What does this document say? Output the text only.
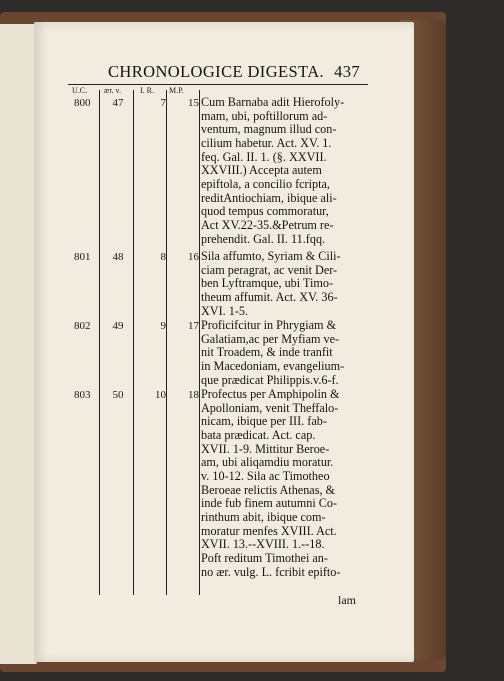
CHRONOLOGICE DIGESTA. 437
U.C. ær. v. I. R. M.P.
800	47	7	15 Cum Barnaba adit Hierofoly-
mam, ubi, poftillorum ad-
ventum, magnum illud con-
cilium habetur. Act. XV. 1.
feq. Gal. II. 1. (§. XXVII.
XXVIII.) Accepta autem
epiftola, a concilio fcripta,
reditAntiochiam, ibique ali-
quod tempus commoratur,
Act XV.22-35.&Petrum re-
prehendit. Gal. II. 11.fqq.
801	48	8	16 Sila affumto, Syriam & Cili-
ciam peragrat, ac venit Der-
ben Lyftramque, ubi Timo-
theum affumit. Act. XV. 36-
XVI. 1-5.
802	49	9	17 Proficifcitur in Phrygiam &
Galatiam,ac per Myfiam ve-
nit Troadem, & inde tranfit
in Macedoniam, evangelium-
que prædicat Philippis.v.6-f.
803	50	10	18 Profectus per Amphipolin &
Apolloniam, venit Theffalo-
nicam, ibique per III. fab-
bata prædicat. Act. cap.
XVII. 1-9. Mittitur Beroe-
am, ubi aliqamdiu moratur.
v. 10-12. Sila ac Timotheo
Beroeae relictis Athenas, &
inde fub finem autumni Co-
rinthum abit, ibique com-
moratur menfes XVIII. Act.
XVII. 13.--XVIII. 1.--18.
Poft reditum Timothei an-
no ær. vulg. L. fcribit epifto-
lam
